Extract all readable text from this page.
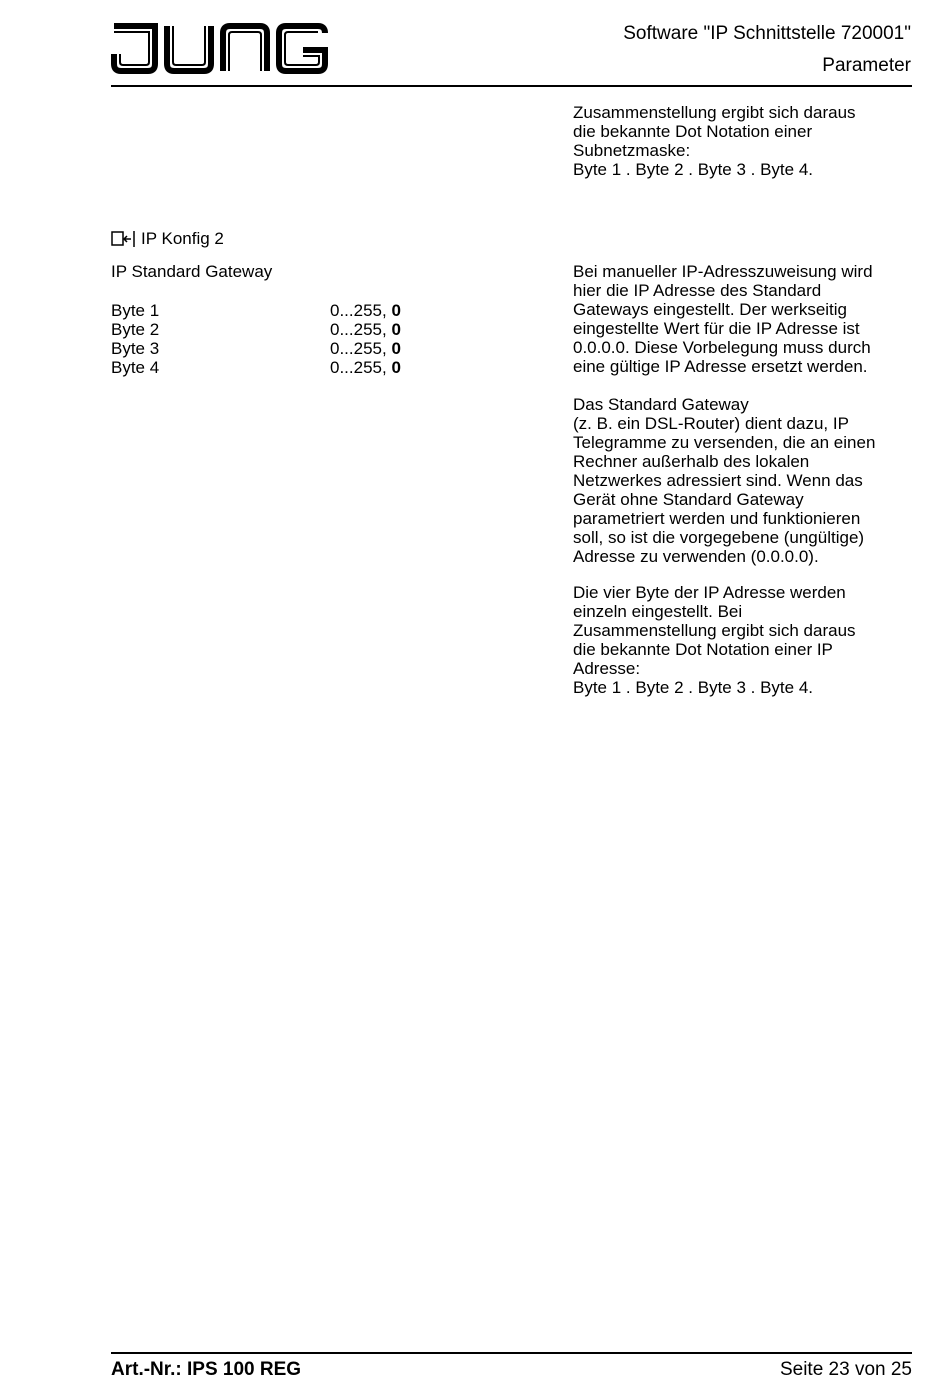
Software "IP Schnittstelle 720001"
Parameter
Zusammenstellung ergibt sich daraus
die bekannte Dot Notation einer
Subnetzmaske:
Byte 1 . Byte 2 . Byte 3 . Byte 4.
IP Konfig 2
IP Standard Gateway
Byte 1	0...255, 0
Byte 2	0...255, 0
Byte 3	0...255, 0
Byte 4	0...255, 0
Bei manueller IP-Adresszuweisung wird
hier die IP Adresse des Standard
Gateways eingestellt. Der werkseitig
eingestellte Wert für die IP Adresse ist
0.0.0.0. Diese Vorbelegung muss durch
eine gültige IP Adresse ersetzt werden.
Das Standard Gateway
(z. B. ein DSL-Router) dient dazu, IP
Telegramme zu versenden, die an einen
Rechner außerhalb des lokalen
Netzwerkes adressiert sind. Wenn das
Gerät ohne Standard Gateway
parametriert werden und funktionieren
soll, so ist die vorgegebene (ungültige)
Adresse zu verwenden (0.0.0.0).
Die vier Byte der IP Adresse werden
einzeln eingestellt. Bei
Zusammenstellung ergibt sich daraus
die bekannte Dot Notation einer IP
Adresse:
Byte 1 . Byte 2 . Byte 3 . Byte 4.
Art.-Nr.: IPS 100 REG	Seite 23 von 25
